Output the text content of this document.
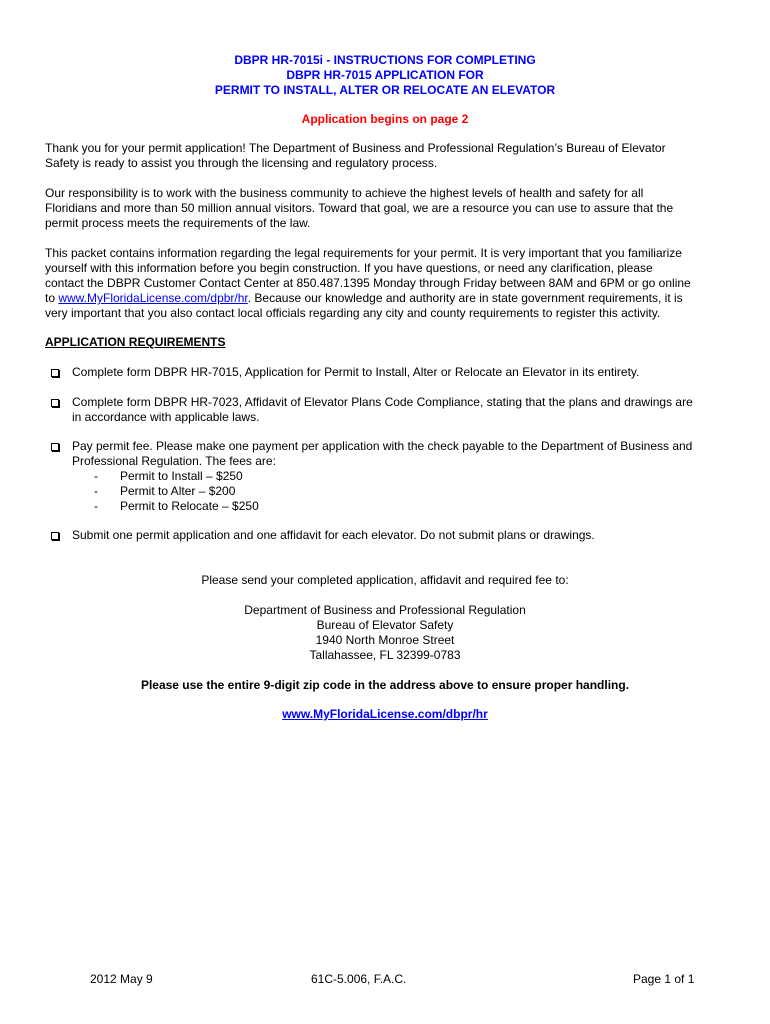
DBPR HR-7015i - INSTRUCTIONS FOR COMPLETING
DBPR HR-7015 APPLICATION FOR
PERMIT TO INSTALL, ALTER OR RELOCATE AN ELEVATOR
Application begins on page 2
Thank you for your permit application! The Department of Business and Professional Regulation’s Bureau of Elevator
Safety is ready to assist you through the licensing and regulatory process.
Our responsibility is to work with the business community to achieve the highest levels of health and safety for all
Floridians and more than 50 million annual visitors. Toward that goal, we are a resource you can use to assure that the
permit process meets the requirements of the law.
This packet contains information regarding the legal requirements for your permit. It is very important that you familiarize
yourself with this information before you begin construction. If you have questions, or need any clarification, please
contact the DBPR Customer Contact Center at 850.487.1395 Monday through Friday between 8AM and 6PM or go online
to www.MyFloridaLicense.com/dpbr/hr. Because our knowledge and authority are in state government requirements, it is
very important that you also contact local officials regarding any city and county requirements to register this activity.
APPLICATION REQUIREMENTS
Complete form DBPR HR-7015, Application for Permit to Install, Alter or Relocate an Elevator in its entirety.
Complete form DBPR HR-7023, Affidavit of Elevator Plans Code Compliance, stating that the plans and drawings are
in accordance with applicable laws.
Pay permit fee. Please make one payment per application with the check payable to the Department of Business and
Professional Regulation. The fees are:
- Permit to Install – $250
- Permit to Alter – $200
- Permit to Relocate – $250
Submit one permit application and one affidavit for each elevator. Do not submit plans or drawings.
Please send your completed application, affidavit and required fee to:
Department of Business and Professional Regulation
Bureau of Elevator Safety
1940 North Monroe Street
Tallahassee, FL 32399-0783
Please use the entire 9-digit zip code in the address above to ensure proper handling.
www.MyFloridaLicense.com/dbpr/hr
2012 May 9	61C-5.006, F.A.C.	Page 1 of 1
